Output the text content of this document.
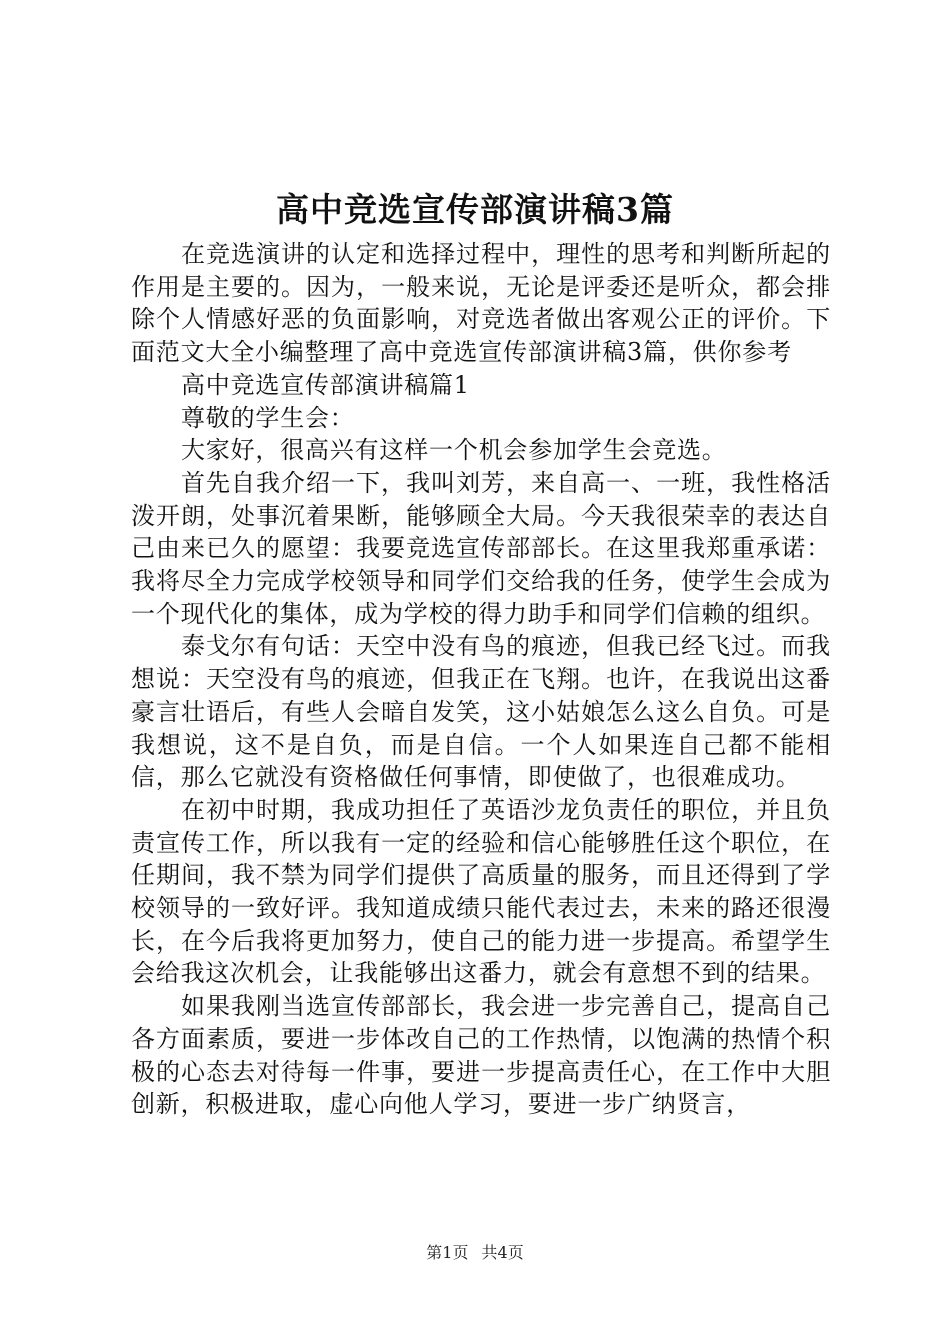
高中竞选宣传部演讲稿3篇

在竞选演讲的认定和选择过程中，理性的思考和判断所起的作用是主要的。因为，一般来说，无论是评委还是听众，都会排除个人情感好恶的负面影响，对竞选者做出客观公正的评价。下面范文大全小编整理了高中竞选宣传部演讲稿3篇，供你参考

高中竞选宣传部演讲稿篇1

尊敬的学生会：

大家好，很高兴有这样一个机会参加学生会竞选。

首先自我介绍一下，我叫刘芳，来自高一、一班，我性格活泼开朗，处事沉着果断，能够顾全大局。今天我很荣幸的表达自己由来已久的愿望：我要竞选宣传部部长。在这里我郑重承诺：我将尽全力完成学校领导和同学们交给我的任务，使学生会成为一个现代化的集体，成为学校的得力助手和同学们信赖的组织。

泰戈尔有句话：天空中没有鸟的痕迹，但我已经飞过。而我想说：天空没有鸟的痕迹，但我正在飞翔。也许，在我说出这番豪言壮语后，有些人会暗自发笑，这小姑娘怎么这么自负。可是我想说，这不是自负，而是自信。一个人如果连自己都不能相信，那么它就没有资格做任何事情，即使做了，也很难成功。

在初中时期，我成功担任了英语沙龙负责任的职位，并且负责宣传工作，所以我有一定的经验和信心能够胜任这个职位，在任期间，我不禁为同学们提供了高质量的服务，而且还得到了学校领导的一致好评。我知道成绩只能代表过去，未来的路还很漫长，在今后我将更加努力，使自己的能力进一步提高。希望学生会给我这次机会，让我能够出这番力，就会有意想不到的结果。

如果我刚当选宣传部部长，我会进一步完善自己，提高自己各方面素质，要进一步体改自己的工作热情，以饱满的热情个积极的心态去对待每一件事，要进一步提高责任心，在工作中大胆创新，积极进取，虚心向他人学习，要进一步广纳贤言，

第1页 共4页
